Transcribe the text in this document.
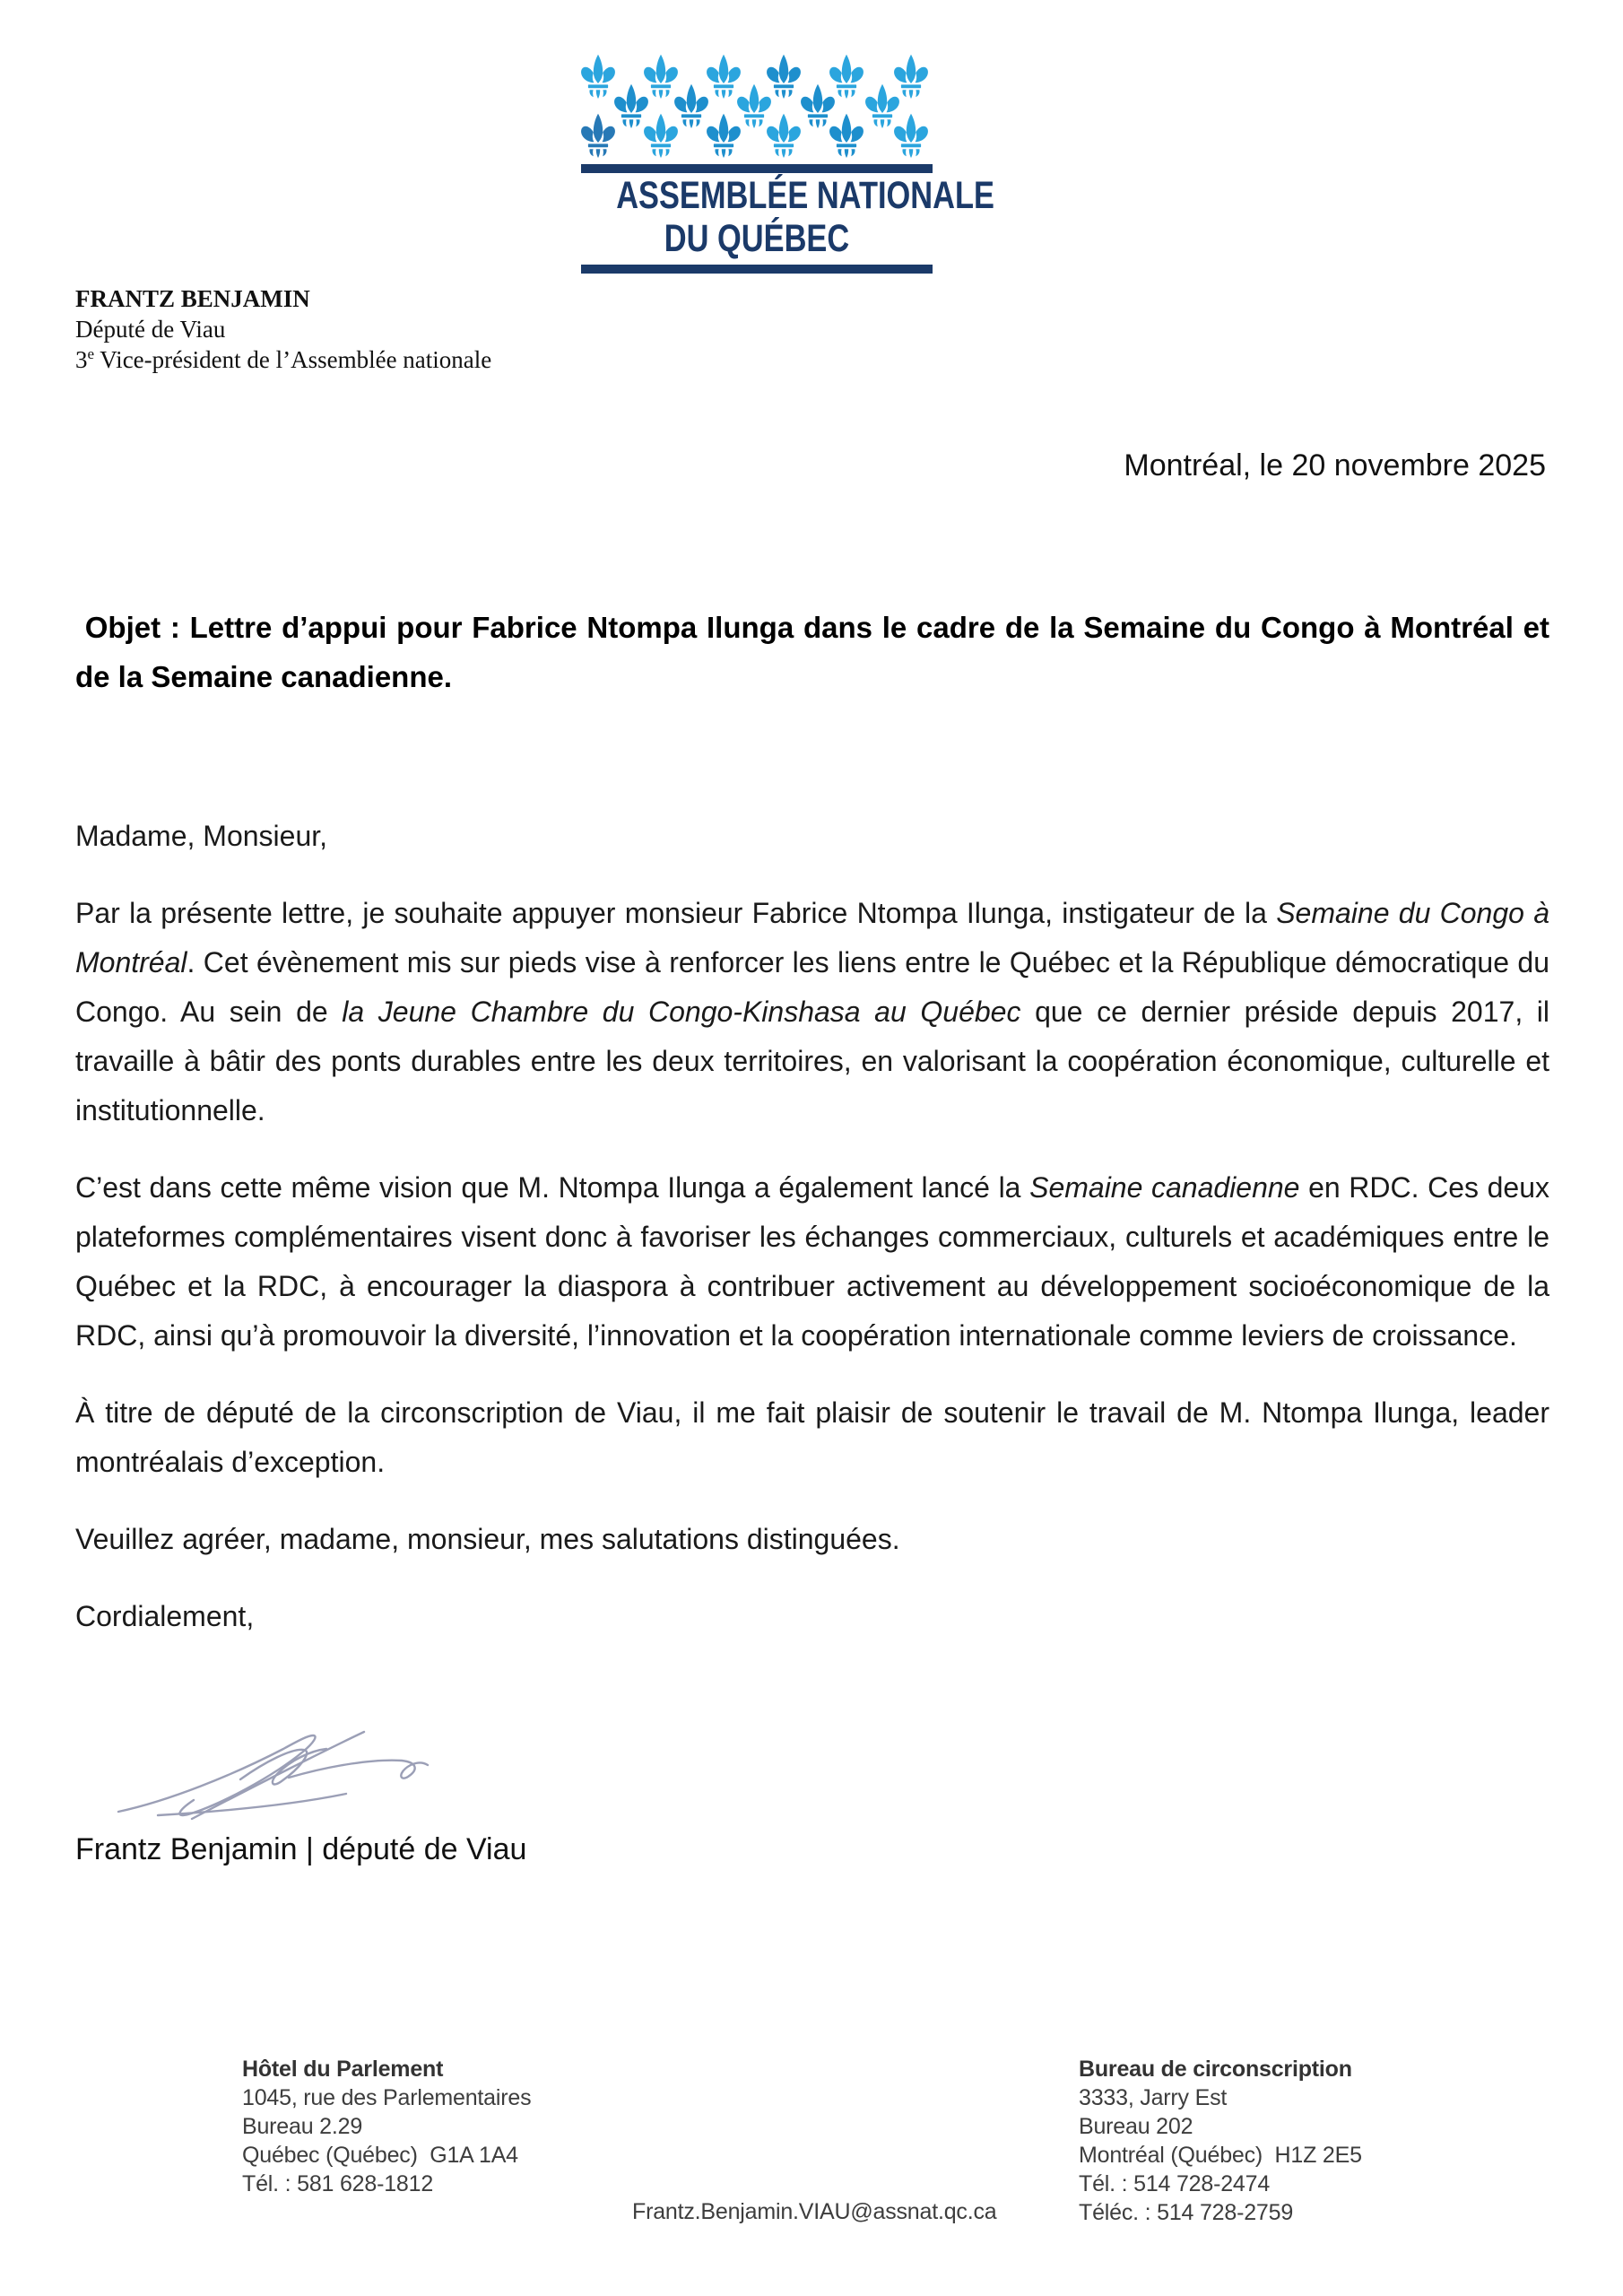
ASSEMBLÉE NATIONALE
DU QUÉBEC
FRANTZ BENJAMIN
Député de Viau
3e Vice-président de l’Assemblée nationale
Montréal, le 20 novembre 2025
Objet : Lettre d’appui pour Fabrice Ntompa Ilunga dans le cadre de la Semaine du Congo à Montréal et de la Semaine canadienne.

Madame, Monsieur,

Par la présente lettre, je souhaite appuyer monsieur Fabrice Ntompa Ilunga, instigateur de la Semaine du Congo à Montréal. Cet évènement mis sur pieds vise à renforcer les liens entre le Québec et la République démocratique du Congo. Au sein de la Jeune Chambre du Congo-Kinshasa au Québec que ce dernier préside depuis 2017, il travaille à bâtir des ponts durables entre les deux territoires, en valorisant la coopération économique, culturelle et institutionnelle.

C’est dans cette même vision que M. Ntompa Ilunga a également lancé la Semaine canadienne en RDC. Ces deux plateformes complémentaires visent donc à favoriser les échanges commerciaux, culturels et académiques entre le Québec et la RDC, à encourager la diaspora à contribuer activement au développement socioéconomique de la RDC, ainsi qu’à promouvoir la diversité, l’innovation et la coopération internationale comme leviers de croissance.

À titre de député de la circonscription de Viau, il me fait plaisir de soutenir le travail de M. Ntompa Ilunga, leader montréalais d’exception.

Veuillez agréer, madame, monsieur, mes salutations distinguées.

Cordialement,

Frantz Benjamin | député de Viau
Hôtel du Parlement
1045, rue des Parlementaires
Bureau 2.29
Québec (Québec)  G1A 1A4
Tél. : 581 628-1812
Bureau de circonscription
3333, Jarry Est
Bureau 202
Montréal (Québec)  H1Z 2E5
Tél. : 514 728-2474
Téléc. : 514 728-2759
Frantz.Benjamin.VIAU@assnat.qc.ca
